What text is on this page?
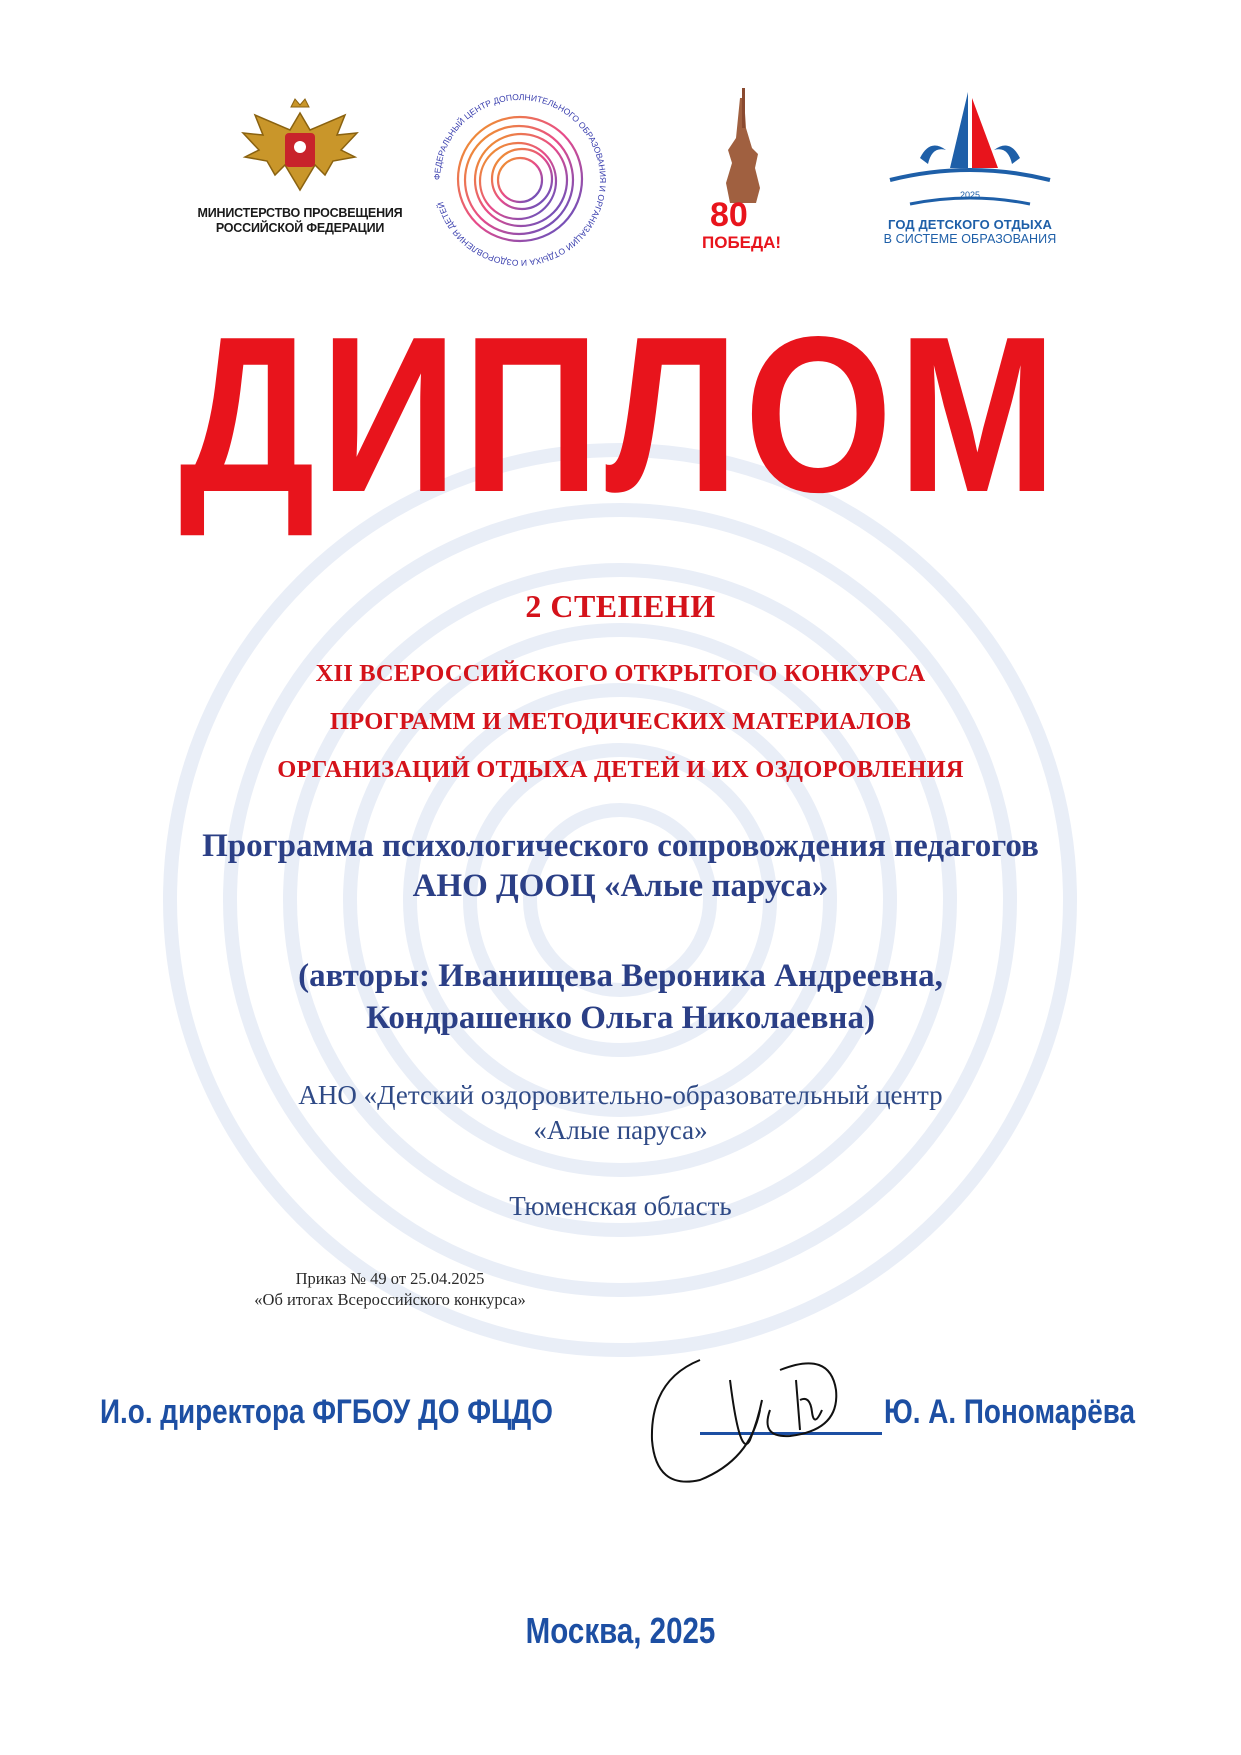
МИНИСТЕРСТВО ПРОСВЕЩЕНИЯ
РОССИЙСКОЙ ФЕДЕРАЦИИ
ФЕДЕРАЛЬНЫЙ ЦЕНТР ДОПОЛНИТЕЛЬНОГО ОБРАЗОВАНИЯ И ОРГАНИЗАЦИИ ОТДЫХА И ОЗДОРОВЛЕНИЯ ДЕТЕЙ	80
ПОБЕДА!
2025
ГОД ДЕТСКОГО ОТДЫХА
В СИСТЕМЕ ОБРАЗОВАНИЯ
ДИПЛОМ
2 СТЕПЕНИ
XII ВСЕРОССИЙСКОГО ОТКРЫТОГО КОНКУРСА
ПРОГРАММ И МЕТОДИЧЕСКИХ МАТЕРИАЛОВ
ОРГАНИЗАЦИЙ ОТДЫХА ДЕТЕЙ И ИХ ОЗДОРОВЛЕНИЯ
Программа психологического сопровождения педагогов
АНО ДООЦ «Алые паруса»
(авторы: Иванищева Вероника Андреевна,
Кондрашенко Ольга Николаевна)
АНО «Детский оздоровительно-образовательный центр
«Алые паруса»
Тюменская область
Приказ № 49 от 25.04.2025
«Об итогах Всероссийского конкурса»
И.о. директора ФГБОУ ДО ФЦДО	Ю. А. Пономарёва
Москва, 2025
